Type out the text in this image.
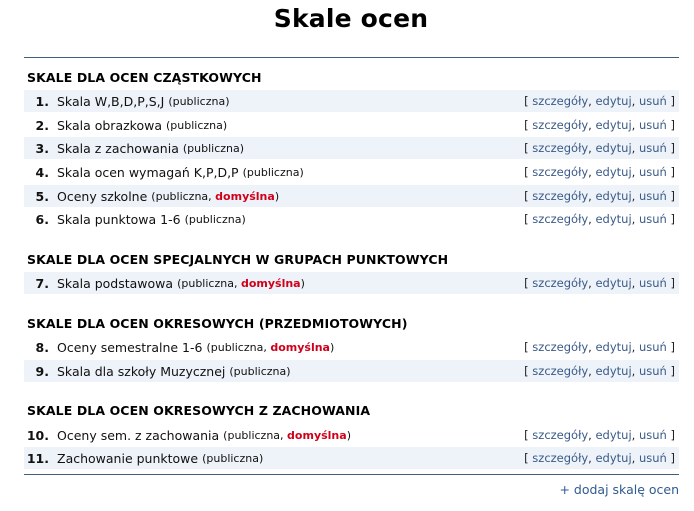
Skale ocen
SKALE DLA OCEN CZĄSTKOWYCH
1. Skala W,B,D,P,S,J (publiczna)	[ szczegóły, edytuj, usuń ]
2. Skala obrazkowa (publiczna)	[ szczegóły, edytuj, usuń ]
3. Skala z zachowania (publiczna)	[ szczegóły, edytuj, usuń ]
4. Skala ocen wymagań K,P,D,P (publiczna)	[ szczegóły, edytuj, usuń ]
5. Oceny szkolne (publiczna, domyślna)	[ szczegóły, edytuj, usuń ]
6. Skala punktowa 1-6 (publiczna)	[ szczegóły, edytuj, usuń ]
SKALE DLA OCEN SPECJALNYCH W GRUPACH PUNKTOWYCH
7. Skala podstawowa (publiczna, domyślna)	[ szczegóły, edytuj, usuń ]
SKALE DLA OCEN OKRESOWYCH (PRZEDMIOTOWYCH)
8. Oceny semestralne 1-6 (publiczna, domyślna)	[ szczegóły, edytuj, usuń ]
9. Skala dla szkoły Muzycznej (publiczna)	[ szczegóły, edytuj, usuń ]
SKALE DLA OCEN OKRESOWYCH Z ZACHOWANIA
10. Oceny sem. z zachowania (publiczna, domyślna)	[ szczegóły, edytuj, usuń ]
11. Zachowanie punktowe (publiczna)	[ szczegóły, edytuj, usuń ]
+ dodaj skalę ocen
